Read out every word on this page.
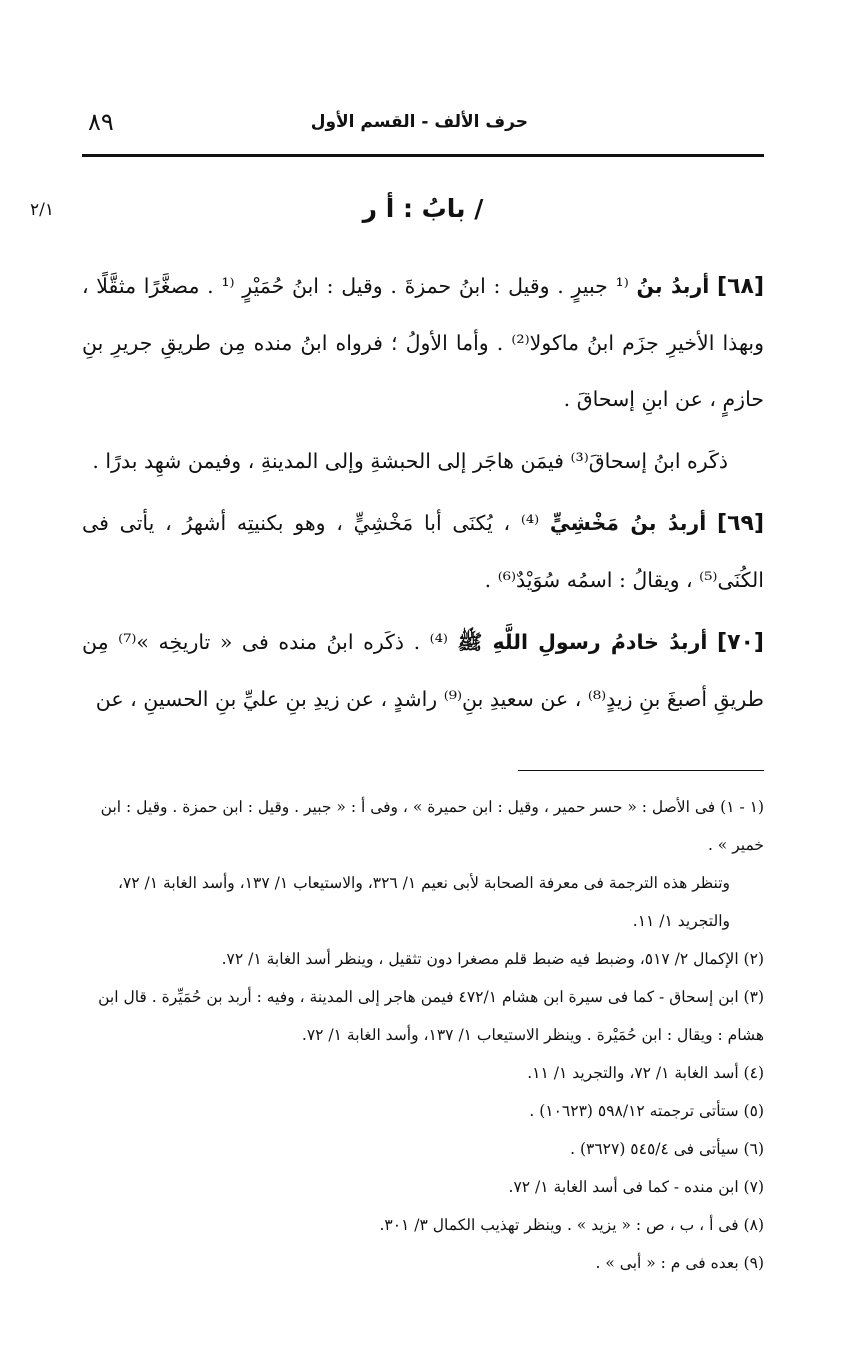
٨٩	حرف الألف - القسم الأول
٢/١	/ بابُ : أ ر

[٦٨] أربدُ بنُ ⁽¹ جبيرٍ . وقيل : ابنُ حمزةَ . وقيل : ابنُ حُمَيْرٍ ⁽¹ . مصغَّرًا مثقَّلًا ، وبهذا الأخيرِ جزَم ابنُ ماكولا⁽²⁾ . وأما الأولُ ؛ فرواه ابنُ منده مِن طريقِ جريرِ بنِ حازمٍ ، عن ابنِ إسحاقَ .

ذكَره ابنُ إسحاقَ⁽³⁾ فيمَن هاجَر إلى الحبشةِ وإلى المدينةِ ، وفيمن شهِد بدرًا .

[٦٩] أربدُ بنُ مَخْشِيٍّ ⁽⁴⁾ ، يُكنَى أبا مَخْشِيٍّ ، وهو بكنيتِه أشهرُ ، يأتى فى الكُنَى⁽⁵⁾ ، ويقالُ : اسمُه سُوَيْدٌ⁽⁶⁾ .

[٧٠] أربدُ خادمُ رسولِ اللَّهِ ﷺ ⁽⁴⁾ . ذكَره ابنُ منده فى « تاريخِه »⁽⁷⁾ مِن طريقِ أصبغَ بنِ زيدٍ⁽⁸⁾ ، عن سعيدِ بنِ⁽⁹⁾ راشدٍ ، عن زيدِ بنِ عليِّ بنِ الحسينِ ، عن

(١ - ١) فى الأصل : « حسر حمير ، وقيل : ابن حميرة » ، وفى أ : « جبير . وقيل : ابن حمزة . وقيل : ابن خمير » .

وتنظر هذه الترجمة فى معرفة الصحابة لأبى نعيم ١/ ٣٢٦، والاستيعاب ١/ ١٣٧، وأسد الغابة ١/ ٧٢، والتجريد ١/ ١١.

(٢) الإكمال ٢/ ٥١٧، وضبط فيه ضبط قلم مصغرا دون تثقيل ، وينظر أسد الغابة ١/ ٧٢.

(٣) ابن إسحاق - كما فى سيرة ابن هشام ٤٧٢/١ فيمن هاجر إلى المدينة ، وفيه : أربد بن حُمَيِّرة . قال ابن هشام : ويقال : ابن حُمَيْرة . وينظر الاستيعاب ١/ ١٣٧، وأسد الغابة ١/ ٧٢.

(٤) أسد الغابة ١/ ٧٢، والتجريد ١/ ١١.

(٥) ستأتى ترجمته ٥٩٨/١٢ (١٠٦٢٣) .

(٦) سيأتى فى ٥٤٥/٤ (٣٦٢٧) .

(٧) ابن منده - كما فى أسد الغابة ١/ ٧٢.

(٨) فى أ ، ب ، ص : « يزيد » . وينظر تهذيب الكمال ٣/ ٣٠١.

(٩) بعده فى م : « أبى » .
